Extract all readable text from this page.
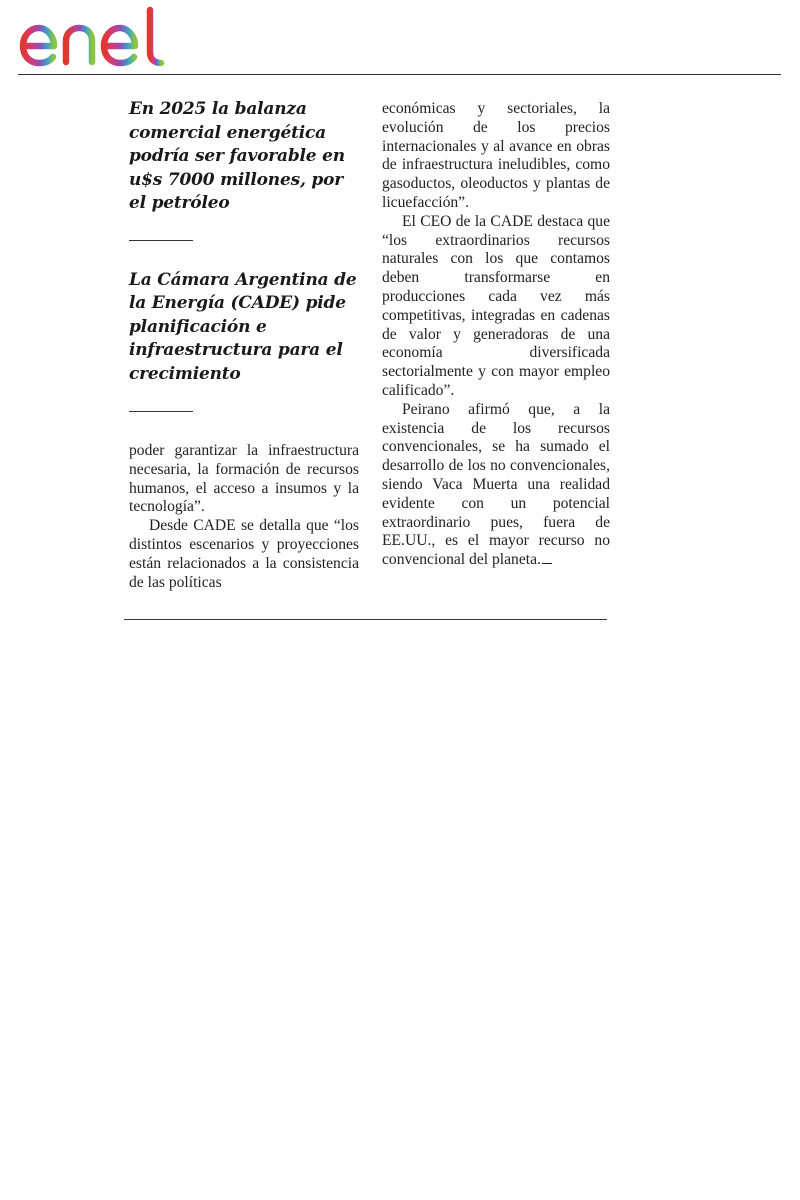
En 2025 la balanza comercial energética podría ser favorable en u$s 7000 millones, por el petróleo
La Cámara Argentina de la Energía (CADE) pide planificación e infraestructura para el crecimiento

poder garantizar la infraestructura necesaria, la formación de recursos humanos, el acceso a insumos y la tecnología”.

Desde CADE se detalla que “los distintos escenarios y proyecciones están relacionados a la consistencia de las políticas

económicas y sectoriales, la evolución de los precios internacionales y al avance en obras de infraestructura ineludibles, como gasoductos, oleoductos y plantas de licuefacción”.

El CEO de la CADE destaca que “los extraordinarios recursos naturales con los que contamos deben transformarse en producciones cada vez más competitivas, integradas en cadenas de valor y generadoras de una economía diversificada sectorialmente y con mayor empleo calificado”.

Peirano afirmó que, a la existencia de los recursos convencionales, se ha sumado el desarrollo de los no convencionales, siendo Vaca Muerta una realidad evidente con un potencial extraordinario pues, fuera de EE.UU., es el mayor recurso no convencional del planeta.
